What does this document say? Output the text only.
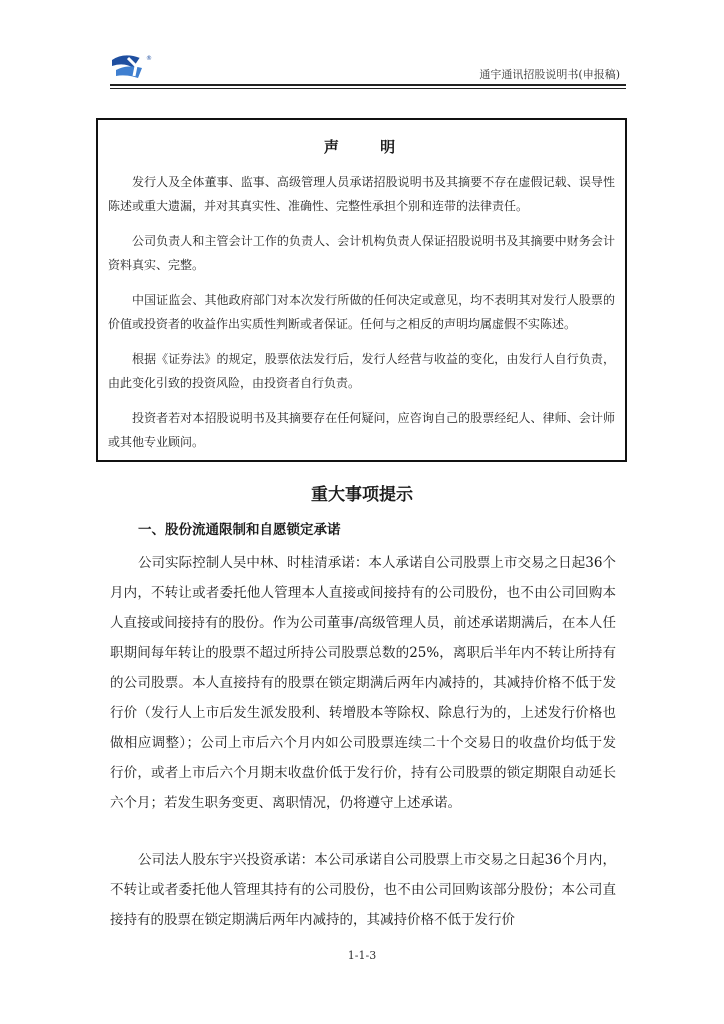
®
通宇通讯招股说明书(申报稿)
声 明

发行人及全体董事、监事、高级管理人员承诺招股说明书及其摘要不存在虚假记载、误导性陈述或重大遗漏，并对其真实性、准确性、完整性承担个别和连带的法律责任。

公司负责人和主管会计工作的负责人、会计机构负责人保证招股说明书及其摘要中财务会计资料真实、完整。

中国证监会、其他政府部门对本次发行所做的任何决定或意见，均不表明其对发行人股票的价值或投资者的收益作出实质性判断或者保证。任何与之相反的声明均属虚假不实陈述。

根据《证券法》的规定，股票依法发行后，发行人经营与收益的变化，由发行人自行负责，由此变化引致的投资风险，由投资者自行负责。

投资者若对本招股说明书及其摘要存在任何疑问，应咨询自己的股票经纪人、律师、会计师或其他专业顾问。

重大事项提示
一、股份流通限制和自愿锁定承诺

公司实际控制人吴中林、时桂清承诺：本人承诺自公司股票上市交易之日起36个月内，不转让或者委托他人管理本人直接或间接持有的公司股份，也不由公司回购本人直接或间接持有的股份。作为公司董事/高级管理人员，前述承诺期满后，在本人任职期间每年转让的股票不超过所持公司股票总数的25%，离职后半年内不转让所持有的公司股票。本人直接持有的股票在锁定期满后两年内减持的，其减持价格不低于发行价（发行人上市后发生派发股利、转增股本等除权、除息行为的，上述发行价格也做相应调整）；公司上市后六个月内如公司股票连续二十个交易日的收盘价均低于发行价，或者上市后六个月期末收盘价低于发行价，持有公司股票的锁定期限自动延长六个月；若发生职务变更、离职情况，仍将遵守上述承诺。

公司法人股东宇兴投资承诺：本公司承诺自公司股票上市交易之日起36个月内，不转让或者委托他人管理其持有的公司股份，也不由公司回购该部分股份；本公司直接持有的股票在锁定期满后两年内减持的，其减持价格不低于发行价

1-1-3
